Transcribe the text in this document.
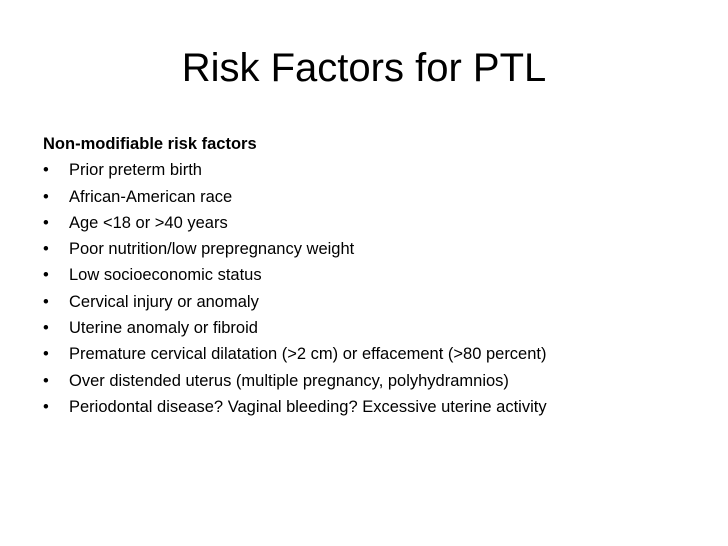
Risk Factors for PTL
Non-modifiable risk factors
•	Prior preterm birth
•	African-American race
•	Age <18 or >40 years
•	Poor nutrition/low prepregnancy weight
•	Low socioeconomic status
•	Cervical injury or anomaly
•	Uterine anomaly or fibroid
•	Premature cervical dilatation (>2 cm) or effacement (>80 percent)
•	Over distended uterus (multiple pregnancy, polyhydramnios)
•	Periodontal disease? Vaginal bleeding? Excessive uterine activity
